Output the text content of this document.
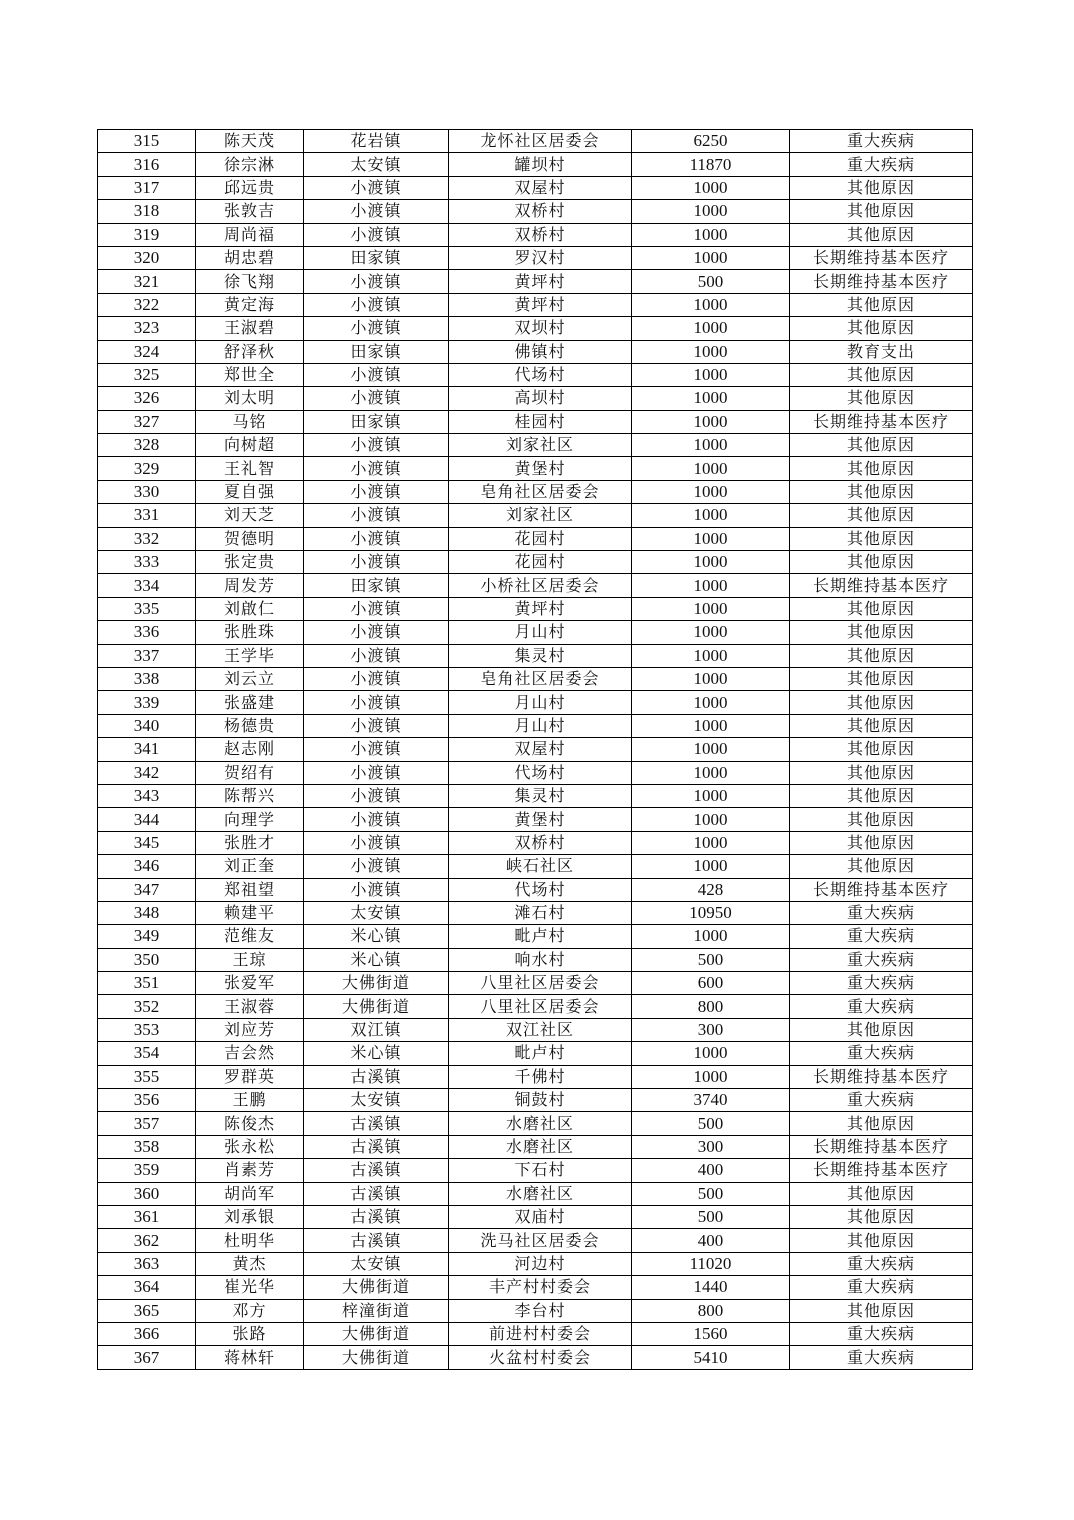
315	陈天茂	花岩镇	龙怀社区居委会	6250	重大疾病
316	徐宗淋	太安镇	罐坝村	11870	重大疾病
317	邱远贵	小渡镇	双屋村	1000	其他原因
318	张敦吉	小渡镇	双桥村	1000	其他原因
319	周尚福	小渡镇	双桥村	1000	其他原因
320	胡忠碧	田家镇	罗汉村	1000	长期维持基本医疗
321	徐飞翔	小渡镇	黄坪村	500	长期维持基本医疗
322	黄定海	小渡镇	黄坪村	1000	其他原因
323	王淑碧	小渡镇	双坝村	1000	其他原因
324	舒泽秋	田家镇	佛镇村	1000	教育支出
325	郑世全	小渡镇	代场村	1000	其他原因
326	刘太明	小渡镇	高坝村	1000	其他原因
327	马铭	田家镇	桂园村	1000	长期维持基本医疗
328	向树超	小渡镇	刘家社区	1000	其他原因
329	王礼智	小渡镇	黄堡村	1000	其他原因
330	夏自强	小渡镇	皂角社区居委会	1000	其他原因
331	刘天芝	小渡镇	刘家社区	1000	其他原因
332	贺德明	小渡镇	花园村	1000	其他原因
333	张定贵	小渡镇	花园村	1000	其他原因
334	周发芳	田家镇	小桥社区居委会	1000	长期维持基本医疗
335	刘啟仁	小渡镇	黄坪村	1000	其他原因
336	张胜珠	小渡镇	月山村	1000	其他原因
337	王学毕	小渡镇	集灵村	1000	其他原因
338	刘云立	小渡镇	皂角社区居委会	1000	其他原因
339	张盛建	小渡镇	月山村	1000	其他原因
340	杨德贵	小渡镇	月山村	1000	其他原因
341	赵志刚	小渡镇	双屋村	1000	其他原因
342	贺绍有	小渡镇	代场村	1000	其他原因
343	陈帮兴	小渡镇	集灵村	1000	其他原因
344	向理学	小渡镇	黄堡村	1000	其他原因
345	张胜才	小渡镇	双桥村	1000	其他原因
346	刘正奎	小渡镇	峡石社区	1000	其他原因
347	郑祖望	小渡镇	代场村	428	长期维持基本医疗
348	赖建平	太安镇	滩石村	10950	重大疾病
349	范维友	米心镇	毗卢村	1000	重大疾病
350	王琼	米心镇	响水村	500	重大疾病
351	张爱军	大佛街道	八里社区居委会	600	重大疾病
352	王淑蓉	大佛街道	八里社区居委会	800	重大疾病
353	刘应芳	双江镇	双江社区	300	其他原因
354	吉会然	米心镇	毗卢村	1000	重大疾病
355	罗群英	古溪镇	千佛村	1000	长期维持基本医疗
356	王鹏	太安镇	铜鼓村	3740	重大疾病
357	陈俊杰	古溪镇	水磨社区	500	其他原因
358	张永松	古溪镇	水磨社区	300	长期维持基本医疗
359	肖素芳	古溪镇	下石村	400	长期维持基本医疗
360	胡尚军	古溪镇	水磨社区	500	其他原因
361	刘承银	古溪镇	双庙村	500	其他原因
362	杜明华	古溪镇	洗马社区居委会	400	其他原因
363	黄杰	太安镇	河边村	11020	重大疾病
364	崔光华	大佛街道	丰产村村委会	1440	重大疾病
365	邓方	梓潼街道	李台村	800	其他原因
366	张路	大佛街道	前进村村委会	1560	重大疾病
367	蒋林轩	大佛街道	火盆村村委会	5410	重大疾病
